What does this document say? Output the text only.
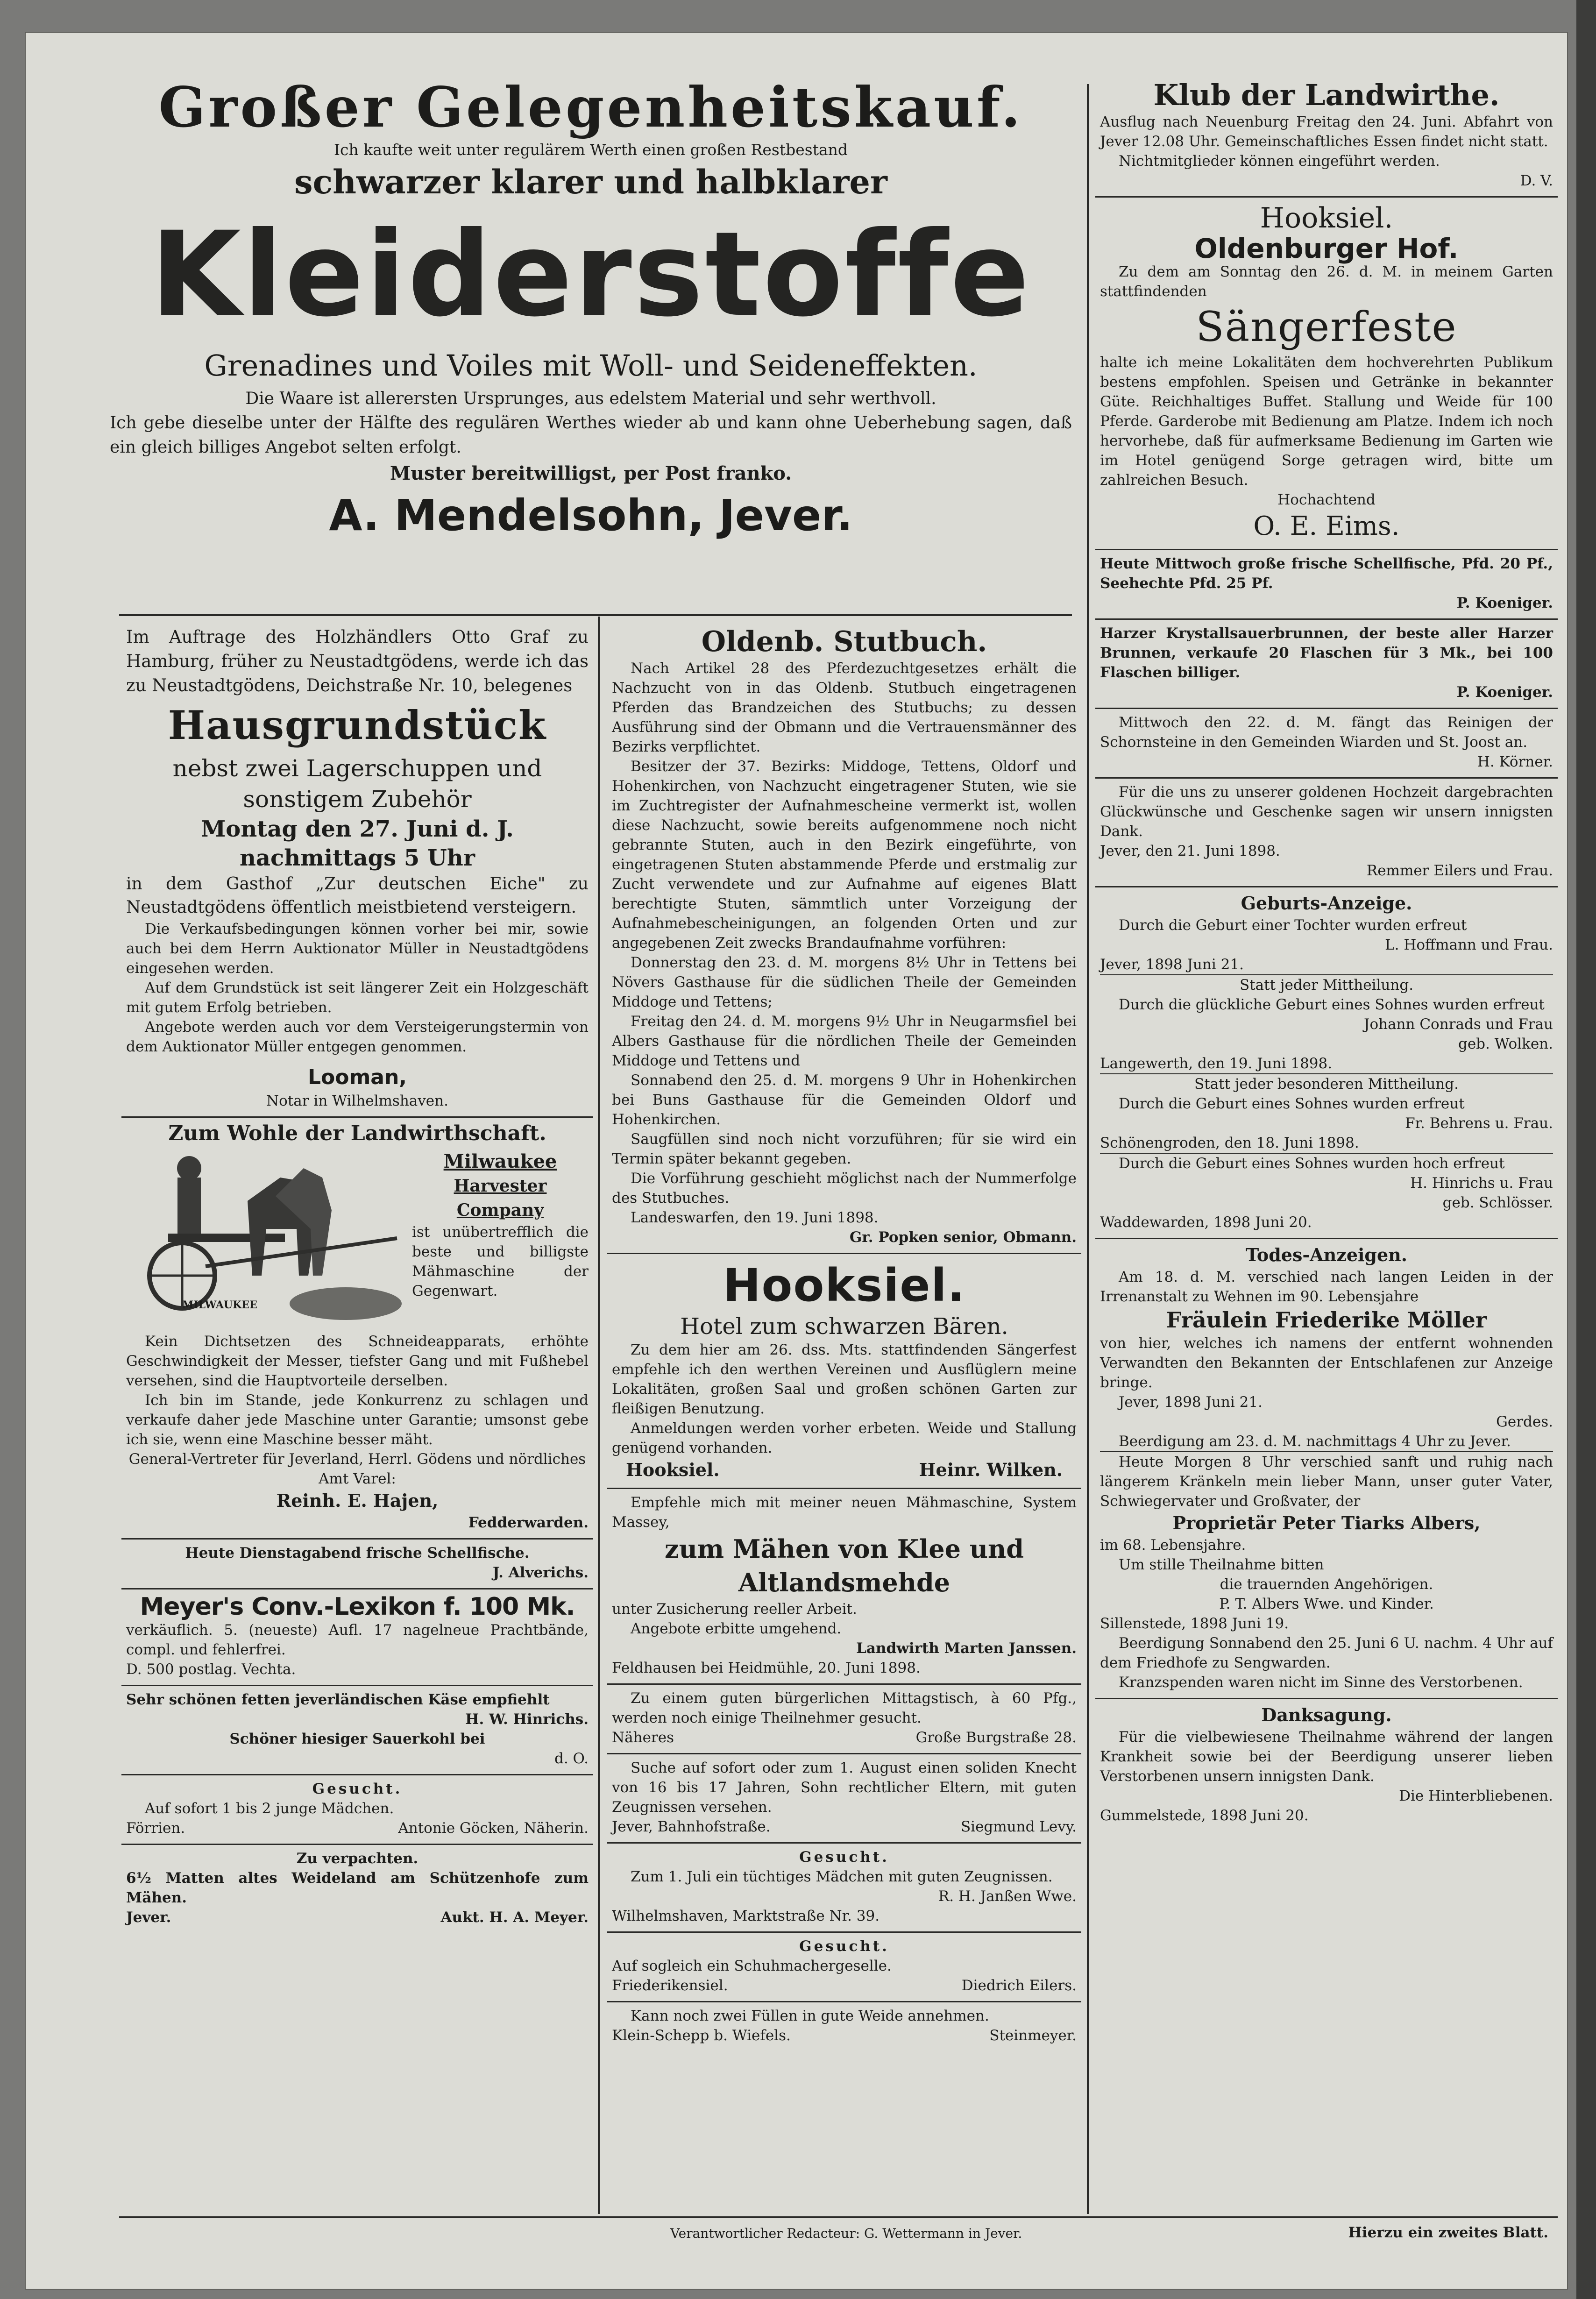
Großer Gelegenheitskauf.

Ich kaufte weit unter regulärem Werth einen großen Restbestand

schwarzer klarer und halbklarer

Kleiderstoffe

Grenadines und Voiles mit Woll- und Seideneffekten.

Die Waare ist allerersten Ursprunges, aus edelstem Material und sehr werthvoll.

Ich gebe dieselbe unter der Hälfte des regulären Werthes wieder ab und kann ohne Ueberhebung sagen, daß ein gleich billiges Angebot selten erfolgt.

Muster bereitwilligst, per Post franko.

A. Mendelsohn, Jever.

Im Auftrage des Holzhändlers Otto Graf zu Hamburg, früher zu Neustadtgödens, werde ich das zu Neustadtgödens, Deichstraße Nr. 10, belegenes

Hausgrundstück

nebst zwei Lagerschuppen und sonstigem Zubehör

Montag den 27. Juni d. J. nachmittags 5 Uhr

in dem Gasthof „Zur deutschen Eiche" zu Neustadtgödens öffentlich meistbietend versteigern.

Die Verkaufsbedingungen können vorher bei mir, sowie auch bei dem Herrn Auktionator Müller in Neustadtgödens eingesehen werden.

Auf dem Grundstück ist seit längerer Zeit ein Holzgeschäft mit gutem Erfolg betrieben.

Angebote werden auch vor dem Versteigerungstermin von dem Auktionator Müller entgegen genommen.

Looman,

Notar in Wilhelmshaven.

Zum Wohle der Landwirthschaft.

MILWAUKEE

Milwaukee

Harvester Company

ist unübertrefflich die beste und billigste Mähmaschine der Gegenwart.

Kein Dichtsetzen des Schneideapparats, erhöhte Geschwindigkeit der Messer, tiefster Gang und mit Fußhebel versehen, sind die Hauptvorteile derselben.

Ich bin im Stande, jede Konkurrenz zu schlagen und verkaufe daher jede Maschine unter Garantie; umsonst gebe ich sie, wenn eine Maschine besser mäht.

General-Vertreter für Jeverland, Herrl. Gödens und nördliches Amt Varel:

Reinh. E. Hajen,

Fedderwarden.

Heute Dienstagabend frische Schellfische.

J. Alverichs.

Meyer's Conv.-Lexikon f. 100 Mk.

verkäuflich. 5. (neueste) Aufl. 17 nagelneue Prachtbände, compl. und fehlerfrei.

D. 500 postlag. Vechta.

Sehr schönen fetten jeverländischen Käse empfiehlt

H. W. Hinrichs.

Schöner hiesiger Sauerkohl bei

d. O.

Gesucht.

Auf sofort 1 bis 2 junge Mädchen.

Förrien.	Antonie Göcken, Näherin.

Zu verpachten.

6½ Matten altes Weideland am Schützenhofe zum Mähen.

Jever.	Aukt. H. A. Meyer.

Oldenb. Stutbuch.

Nach Artikel 28 des Pferdezuchtgesetzes erhält die Nachzucht von in das Oldenb. Stutbuch eingetragenen Pferden das Brandzeichen des Stutbuchs; zu dessen Ausführung sind der Obmann und die Vertrauensmänner des Bezirks verpflichtet.

Besitzer der 37. Bezirks: Middoge, Tettens, Oldorf und Hohenkirchen, von Nachzucht eingetragener Stuten, wie sie im Zuchtregister der Aufnahmescheine vermerkt ist, wollen diese Nachzucht, sowie bereits aufgenommene noch nicht gebrannte Stuten, auch in den Bezirk eingeführte, von eingetragenen Stuten abstammende Pferde und erstmalig zur Zucht verwendete und zur Aufnahme auf eigenes Blatt berechtigte Stuten, sämmtlich unter Vorzeigung der Aufnahmebescheinigungen, an folgenden Orten und zur angegebenen Zeit zwecks Brandaufnahme vorführen:

Donnerstag den 23. d. M. morgens 8½ Uhr in Tettens bei Növers Gasthause für die südlichen Theile der Gemeinden Middoge und Tettens;

Freitag den 24. d. M. morgens 9½ Uhr in Neugarmsfiel bei Albers Gasthause für die nördlichen Theile der Gemeinden Middoge und Tettens und

Sonnabend den 25. d. M. morgens 9 Uhr in Hohenkirchen bei Buns Gasthause für die Gemeinden Oldorf und Hohenkirchen.

Saugfüllen sind noch nicht vorzuführen; für sie wird ein Termin später bekannt gegeben.

Die Vorführung geschieht möglichst nach der Nummerfolge des Stutbuches.

Landeswarfen, den 19. Juni 1898.

Gr. Popken senior, Obmann.

Hooksiel.

Hotel zum schwarzen Bären.

Zu dem hier am 26. dss. Mts. stattfindenden Sängerfest empfehle ich den werthen Vereinen und Ausflüglern meine Lokalitäten, großen Saal und großen schönen Garten zur fleißigen Benutzung.

Anmeldungen werden vorher erbeten. Weide und Stallung genügend vorhanden.

Hooksiel.	Heinr. Wilken.

Empfehle mich mit meiner neuen Mähmaschine, System Massey,

zum Mähen von Klee und Altlandsmehde

unter Zusicherung reeller Arbeit.

Angebote erbitte umgehend.

Landwirth Marten Janssen.

Feldhausen bei Heidmühle, 20. Juni 1898.

Zu einem guten bürgerlichen Mittagstisch, à 60 Pfg., werden noch einige Theilnehmer gesucht.

Näheres	Große Burgstraße 28.

Suche auf sofort oder zum 1. August einen soliden Knecht von 16 bis 17 Jahren, Sohn rechtlicher Eltern, mit guten Zeugnissen versehen.

Jever, Bahnhofstraße.	Siegmund Levy.

Gesucht.

Zum 1. Juli ein tüchtiges Mädchen mit guten Zeugnissen.

R. H. Janßen Wwe.

Wilhelmshaven, Marktstraße Nr. 39.

Gesucht.

Auf sogleich ein Schuhmachergeselle.

Friederikensiel.	Diedrich Eilers.

Kann noch zwei Füllen in gute Weide annehmen.

Klein-Schepp b. Wiefels.	Steinmeyer.

Klub der Landwirthe.

Ausflug nach Neuenburg Freitag den 24. Juni. Abfahrt von Jever 12.08 Uhr. Gemeinschaftliches Essen findet nicht statt.

Nichtmitglieder können eingeführt werden.

D. V.

Hooksiel.

Oldenburger Hof.

Zu dem am Sonntag den 26. d. M. in meinem Garten stattfindenden

Sängerfeste

halte ich meine Lokalitäten dem hochverehrten Publikum bestens empfohlen. Speisen und Getränke in bekannter Güte. Reichhaltiges Buffet. Stallung und Weide für 100 Pferde. Garderobe mit Bedienung am Platze. Indem ich noch hervorhebe, daß für aufmerksame Bedienung im Garten wie im Hotel genügend Sorge getragen wird, bitte um zahlreichen Besuch.

Hochachtend

O. E. Eims.

Heute Mittwoch große frische Schellfische, Pfd. 20 Pf., Seehechte Pfd. 25 Pf.

P. Koeniger.

Harzer Krystallsauerbrunnen, der beste aller Harzer Brunnen, verkaufe 20 Flaschen für 3 Mk., bei 100 Flaschen billiger.

P. Koeniger.

Mittwoch den 22. d. M. fängt das Reinigen der Schornsteine in den Gemeinden Wiarden und St. Joost an.

H. Körner.

Für die uns zu unserer goldenen Hochzeit dargebrachten Glückwünsche und Geschenke sagen wir unsern innigsten Dank.

Jever, den 21. Juni 1898.

Remmer Eilers und Frau.

Geburts-Anzeige.

Durch die Geburt einer Tochter wurden erfreut

L. Hoffmann und Frau.

Jever, 1898 Juni 21.

Statt jeder Mittheilung.

Durch die glückliche Geburt eines Sohnes wurden erfreut

Johann Conrads und Frau

geb. Wolken.

Langewerth, den 19. Juni 1898.

Statt jeder besonderen Mittheilung.

Durch die Geburt eines Sohnes wurden erfreut

Fr. Behrens u. Frau.

Schönengroden, den 18. Juni 1898.

Durch die Geburt eines Sohnes wurden hoch erfreut

H. Hinrichs u. Frau

geb. Schlösser.

Waddewarden, 1898 Juni 20.

Todes-Anzeigen.

Am 18. d. M. verschied nach langen Leiden in der Irrenanstalt zu Wehnen im 90. Lebensjahre

Fräulein Friederike Möller

von hier, welches ich namens der entfernt wohnenden Verwandten den Bekannten der Entschlafenen zur Anzeige bringe.

Jever, 1898 Juni 21.

Gerdes.

Beerdigung am 23. d. M. nachmittags 4 Uhr zu Jever.

Heute Morgen 8 Uhr verschied sanft und ruhig nach längerem Kränkeln mein lieber Mann, unser guter Vater, Schwiegervater und Großvater, der

Proprietär Peter Tiarks Albers,

im 68. Lebensjahre.

Um stille Theilnahme bitten

die trauernden Angehörigen.

P. T. Albers Wwe. und Kinder.

Sillenstede, 1898 Juni 19.

Beerdigung Sonnabend den 25. Juni 6 U. nachm. 4 Uhr auf dem Friedhofe zu Sengwarden.

Kranzspenden waren nicht im Sinne des Verstorbenen.

Danksagung.

Für die vielbewiesene Theilnahme während der langen Krankheit sowie bei der Beerdigung unserer lieben Verstorbenen unsern innigsten Dank.

Die Hinterbliebenen.

Gummelstede, 1898 Juni 20.

Verantwortlicher Redacteur: G. Wettermann in Jever.	Hierzu ein zweites Blatt.
